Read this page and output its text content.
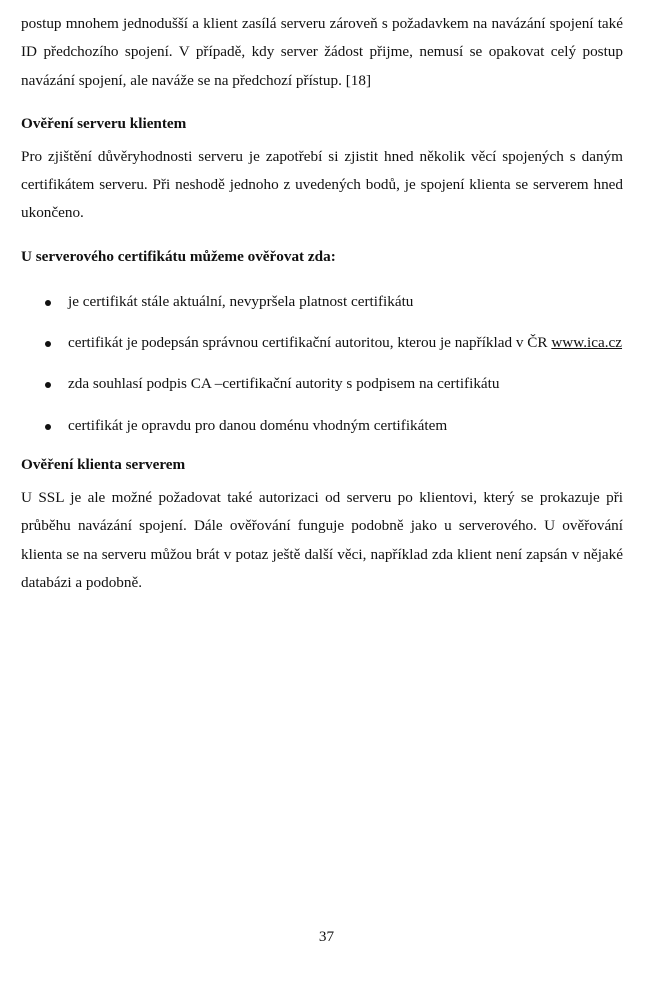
postup mnohem jednodušší a klient zasílá serveru zároveň s požadavkem na navázání spojení také ID předchozího spojení. V případě, kdy server žádost přijme, nemusí se opakovat celý postup navázání spojení, ale naváže se na předchozí přístup. [18]

Ověření serveru klientem

Pro zjištění důvěryhodnosti serveru je zapotřebí si zjistit hned několik věcí spojených s daným certifikátem serveru. Při neshodě jednoho z uvedených bodů, je spojení klienta se serverem hned ukončeno.

U serverového certifikátu můžeme ověřovat zda:
je certifikát stále aktuální, nevypršela platnost certifikátu
certifikát je podepsán správnou certifikační autoritou, kterou je například v ČR www.ica.cz
zda souhlasí podpis CA –certifikační autority s podpisem na certifikátu
certifikát je opravdu pro danou doménu vhodným certifikátem
Ověření klienta serverem

U SSL je ale možné požadovat také autorizaci od serveru po klientovi, který se prokazuje při průběhu navázání spojení. Dále ověřování funguje podobně jako u serverového. U ověřování klienta se na serveru můžou brát v potaz ještě další věci, například zda klient není zapsán v nějaké databázi a podobně.

37
